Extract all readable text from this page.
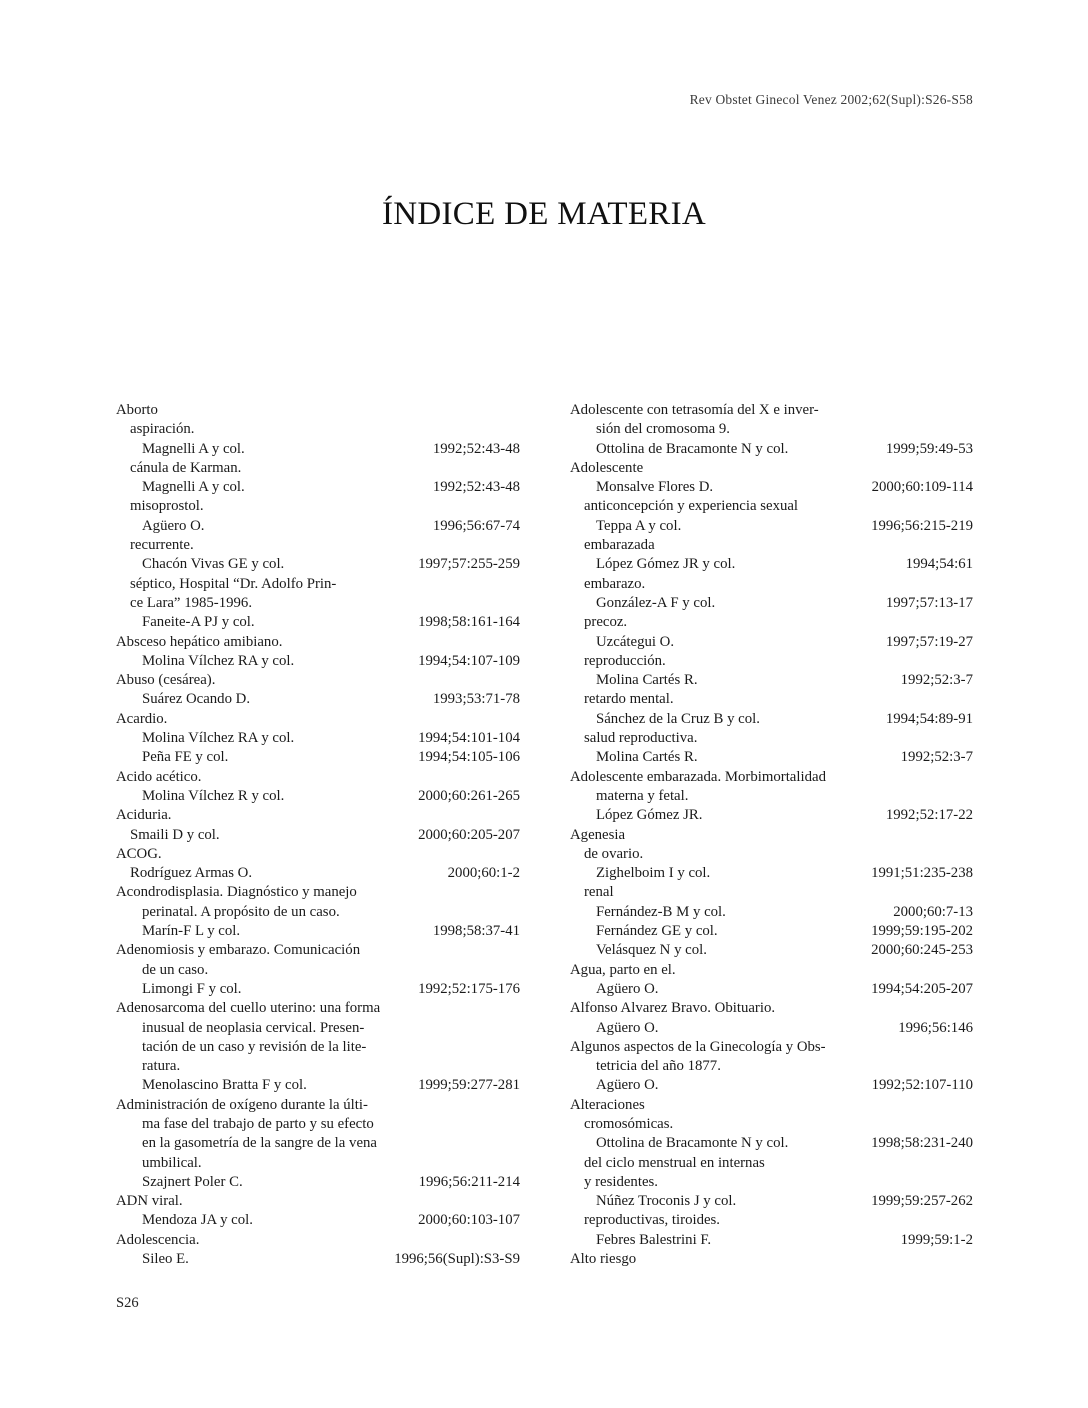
Rev Obstet Ginecol Venez 2002;62(Supl):S26-S58
ÍNDICE DE MATERIA
Aborto
aspiración.
Magnelli A y col.	1992;52:43-48
cánula de Karman.
Magnelli A y col.	1992;52:43-48
misoprostol.
Agüero O.	1996;56:67-74
recurrente.
Chacón Vivas GE y col.	1997;57:255-259
séptico, Hospital “Dr. Adolfo Prin-
ce Lara” 1985-1996.
Faneite-A PJ y col.	1998;58:161-164
Absceso hepático amibiano.
Molina Vílchez RA y col.	1994;54:107-109
Abuso (cesárea).
Suárez Ocando D.	1993;53:71-78
Acardio.
Molina Vílchez RA y col.	1994;54:101-104
Peña FE y col.	1994;54:105-106
Acido acético.
Molina Vílchez R y col.	2000;60:261-265
Aciduria.
Smaili D y col.	2000;60:205-207
ACOG.
Rodríguez Armas O.	2000;60:1-2
Acondrodisplasia. Diagnóstico y manejo
perinatal. A propósito de un caso.
Marín-F L y col.	1998;58:37-41
Adenomiosis y embarazo. Comunicación
de un caso.
Limongi F y col.	1992;52:175-176
Adenosarcoma del cuello uterino: una forma
inusual de neoplasia cervical. Presen-
tación de un caso y revisión de la lite-
ratura.
Menolascino Bratta F y col.	1999;59:277-281
Administración de oxígeno durante la últi-
ma fase del trabajo de parto y su efecto
en la gasometría de la sangre de la vena
umbilical.
Szajnert Poler C.	1996;56:211-214
ADN viral.
Mendoza JA y col.	2000;60:103-107
Adolescencia.
Sileo E.	1996;56(Supl):S3-S9
Adolescente con tetrasomía del X e inver-
sión del cromosoma 9.
Ottolina de Bracamonte N y col.	1999;59:49-53
Adolescente
Monsalve Flores D.	2000;60:109-114
anticoncepción y experiencia sexual
Teppa A y col.	1996;56:215-219
embarazada
López Gómez JR y col.	1994;54:61
embarazo.
González-A F y col.	1997;57:13-17
precoz.
Uzcátegui O.	1997;57:19-27
reproducción.
Molina Cartés R.	1992;52:3-7
retardo mental.
Sánchez de la Cruz B y col.	1994;54:89-91
salud reproductiva.
Molina Cartés R.	1992;52:3-7
Adolescente embarazada. Morbimortalidad
materna y fetal.
López Gómez JR.	1992;52:17-22
Agenesia
de ovario.
Zighelboim I y col.	1991;51:235-238
renal
Fernández-B M y col.	2000;60:7-13
Fernández GE y col.	1999;59:195-202
Velásquez N y col.	2000;60:245-253
Agua, parto en el.
Agüero O.	1994;54:205-207
Alfonso Alvarez Bravo. Obituario.
Agüero O.	1996;56:146
Algunos aspectos de la Ginecología y Obs-
tetricia del año 1877.
Agüero O.	1992;52:107-110
Alteraciones
cromosómicas.
Ottolina de Bracamonte N y col.	1998;58:231-240
del ciclo menstrual en internas
y residentes.
Núñez Troconis J y col.	1999;59:257-262
reproductivas, tiroides.
Febres Balestrini F.	1999;59:1-2
Alto riesgo
S26
